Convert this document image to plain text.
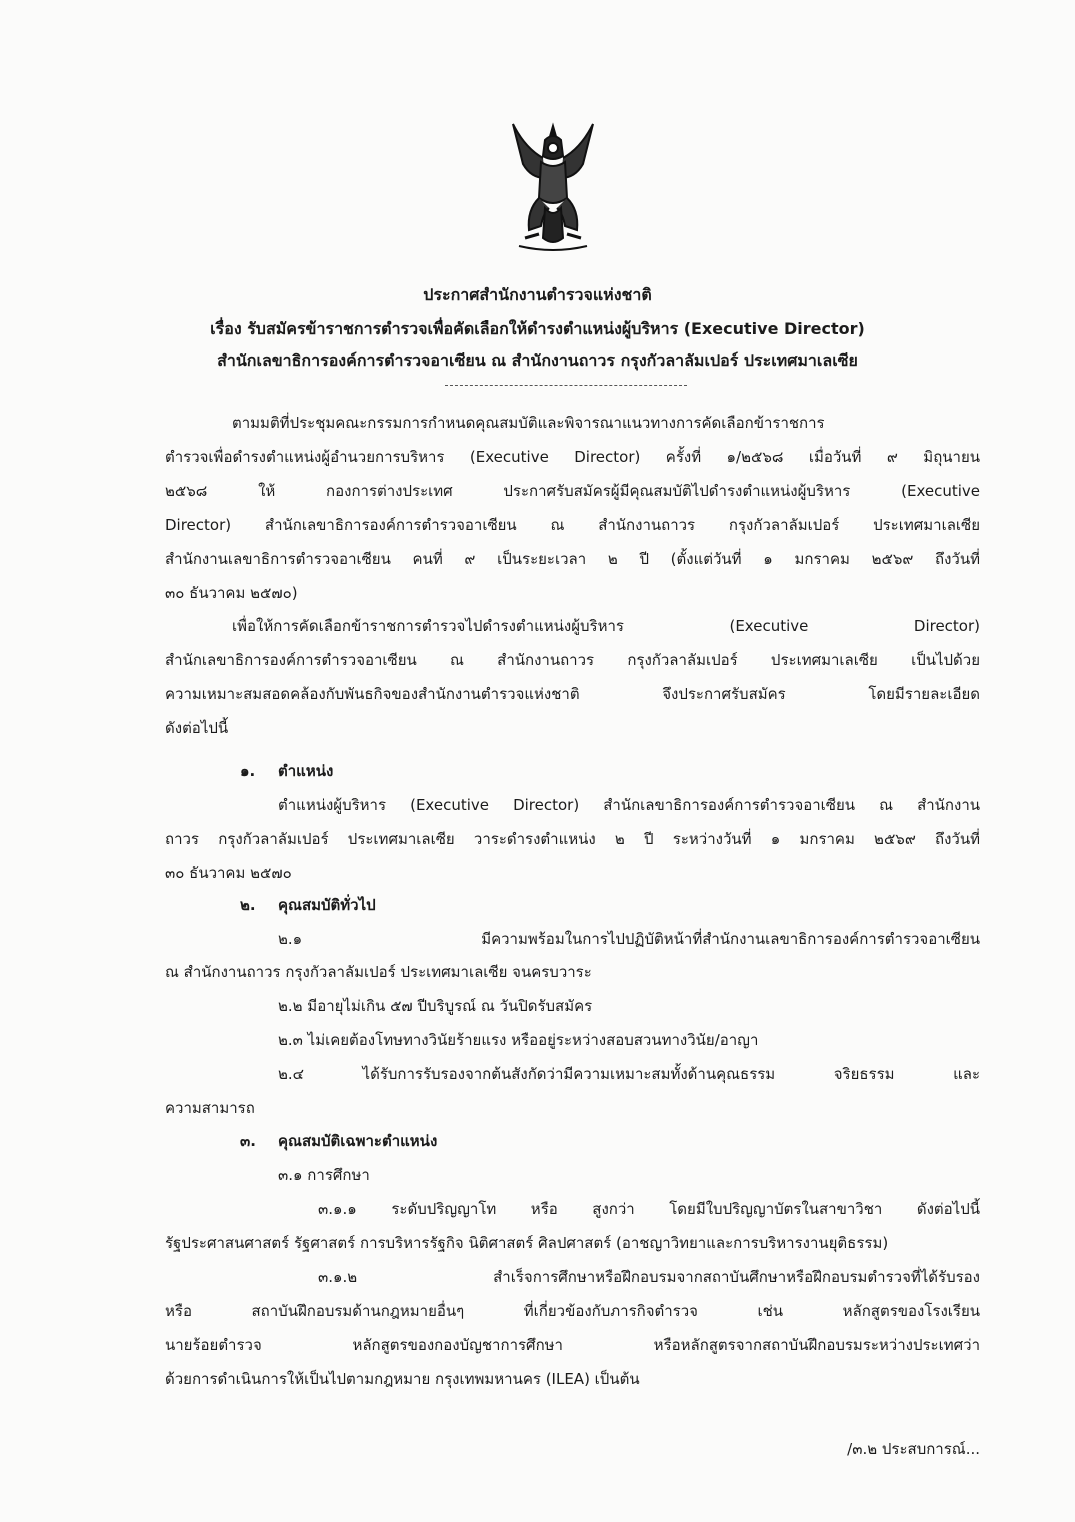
ประกาศสำนักงานตำรวจแห่งชาติ
เรื่อง รับสมัครข้าราชการตำรวจเพื่อคัดเลือกให้ดำรงตำแหน่งผู้บริหาร (Executive Director)
สำนักเลขาธิการองค์การตำรวจอาเซียน ณ สำนักงานถาวร กรุงกัวลาลัมเปอร์ ประเทศมาเลเซีย
ตามมติที่ประชุมคณะกรรมการกำหนดคุณสมบัติและพิจารณาแนวทางการคัดเลือกข้าราชการ
ตำรวจเพื่อดำรงตำแหน่งผู้อำนวยการบริหาร (Executive Director) ครั้งที่ ๑/๒๕๖๘ เมื่อวันที่ ๙ มิถุนายน
๒๕๖๘ ให้ กองการต่างประเทศ ประกาศรับสมัครผู้มีคุณสมบัติไปดำรงตำแหน่งผู้บริหาร (Executive
Director) สำนักเลขาธิการองค์การตำรวจอาเซียน ณ สำนักงานถาวร กรุงกัวลาลัมเปอร์ ประเทศมาเลเซีย
สำนักงานเลขาธิการตำรวจอาเซียน คนที่ ๙ เป็นระยะเวลา ๒ ปี (ตั้งแต่วันที่ ๑ มกราคม ๒๕๖๙ ถึงวันที่
๓๐ ธันวาคม ๒๕๗๐)
เพื่อให้การคัดเลือกข้าราชการตำรวจไปดำรงตำแหน่งผู้บริหาร (Executive Director)
สำนักเลขาธิการองค์การตำรวจอาเซียน ณ สำนักงานถาวร กรุงกัวลาลัมเปอร์ ประเทศมาเลเซีย เป็นไปด้วย
ความเหมาะสมสอดคล้องกับพันธกิจของสำนักงานตำรวจแห่งชาติ จึงประกาศรับสมัคร โดยมีรายละเอียด
ดังต่อไปนี้
๑. ตำแหน่ง
ตำแหน่งผู้บริหาร (Executive Director) สำนักเลขาธิการองค์การตำรวจอาเซียน ณ สำนักงาน
ถาวร กรุงกัวลาลัมเปอร์ ประเทศมาเลเซีย วาระดำรงตำแหน่ง ๒ ปี ระหว่างวันที่ ๑ มกราคม ๒๕๖๙ ถึงวันที่
๓๐ ธันวาคม ๒๕๗๐
๒. คุณสมบัติทั่วไป
๒.๑ มีความพร้อมในการไปปฏิบัติหน้าที่สำนักงานเลขาธิการองค์การตำรวจอาเซียน
ณ สำนักงานถาวร กรุงกัวลาลัมเปอร์ ประเทศมาเลเซีย จนครบวาระ
๒.๒ มีอายุไม่เกิน ๕๗ ปีบริบูรณ์ ณ วันปิดรับสมัคร
๒.๓ ไม่เคยต้องโทษทางวินัยร้ายแรง หรืออยู่ระหว่างสอบสวนทางวินัย/อาญา
๒.๔ ได้รับการรับรองจากต้นสังกัดว่ามีความเหมาะสมทั้งด้านคุณธรรม จริยธรรม และ
ความสามารถ
๓. คุณสมบัติเฉพาะตำแหน่ง
๓.๑ การศึกษา
๓.๑.๑ ระดับปริญญาโท หรือ สูงกว่า โดยมีใบปริญญาบัตรในสาขาวิชา ดังต่อไปนี้
รัฐประศาสนศาสตร์ รัฐศาสตร์ การบริหารรัฐกิจ นิติศาสตร์ ศิลปศาสตร์ (อาชญาวิทยาและการบริหารงานยุติธรรม)
๓.๑.๒ สำเร็จการศึกษาหรือฝึกอบรมจากสถาบันศึกษาหรือฝึกอบรมตำรวจที่ได้รับรอง
หรือ สถาบันฝึกอบรมด้านกฎหมายอื่นๆ ที่เกี่ยวข้องกับภารกิจตำรวจ เช่น หลักสูตรของโรงเรียน
นายร้อยตำรวจ หลักสูตรของกองบัญชาการศึกษา หรือหลักสูตรจากสถาบันฝึกอบรมระหว่างประเทศว่า
ด้วยการดำเนินการให้เป็นไปตามกฎหมาย กรุงเทพมหานคร (ILEA) เป็นต้น
/๓.๒ ประสบการณ์...
